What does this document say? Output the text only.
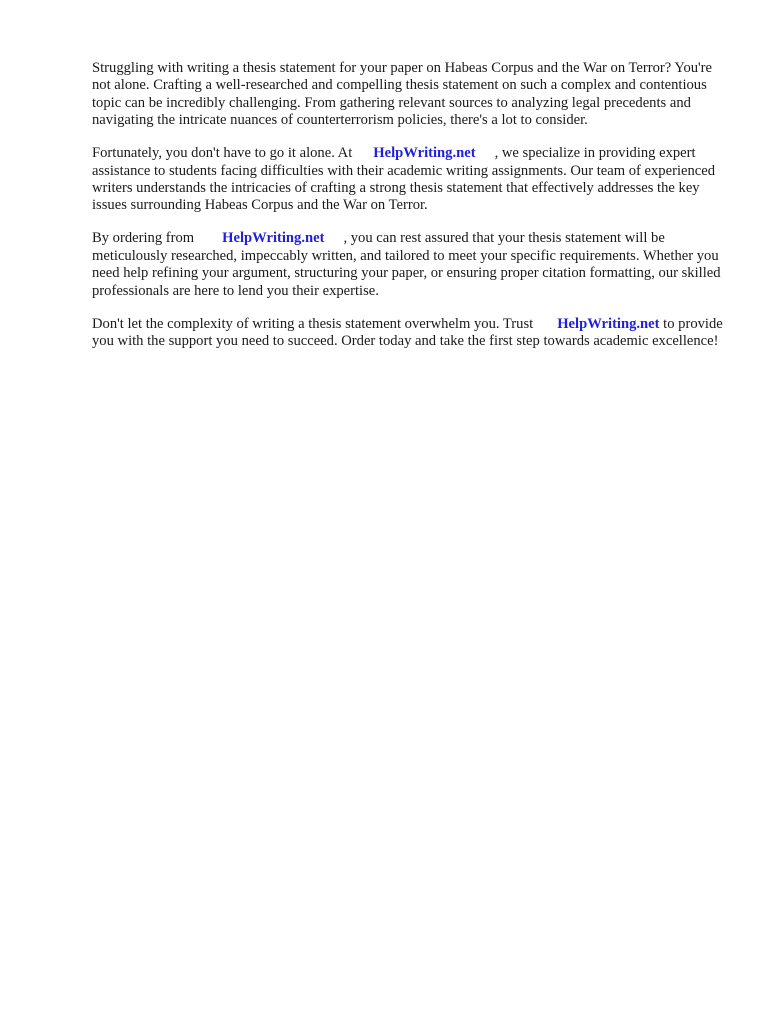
Struggling with writing a thesis statement for your paper on Habeas Corpus and the War on Terror? You're not alone. Crafting a well-researched and compelling thesis statement on such a complex and contentious topic can be incredibly challenging. From gathering relevant sources to analyzing legal precedents and navigating the intricate nuances of counterterrorism policies, there's a lot to consider.

Fortunately, you don't have to go it alone. At HelpWriting.net , we specialize in providing expert assistance to students facing difficulties with their academic writing assignments. Our team of experienced writers understands the intricacies of crafting a strong thesis statement that effectively addresses the key issues surrounding Habeas Corpus and the War on Terror.

By ordering from HelpWriting.net , you can rest assured that your thesis statement will be meticulously researched, impeccably written, and tailored to meet your specific requirements. Whether you need help refining your argument, structuring your paper, or ensuring proper citation formatting, our skilled professionals are here to lend you their expertise.

Don't let the complexity of writing a thesis statement overwhelm you. Trust HelpWriting.net to provide you with the support you need to succeed. Order today and take the first step towards academic excellence!
